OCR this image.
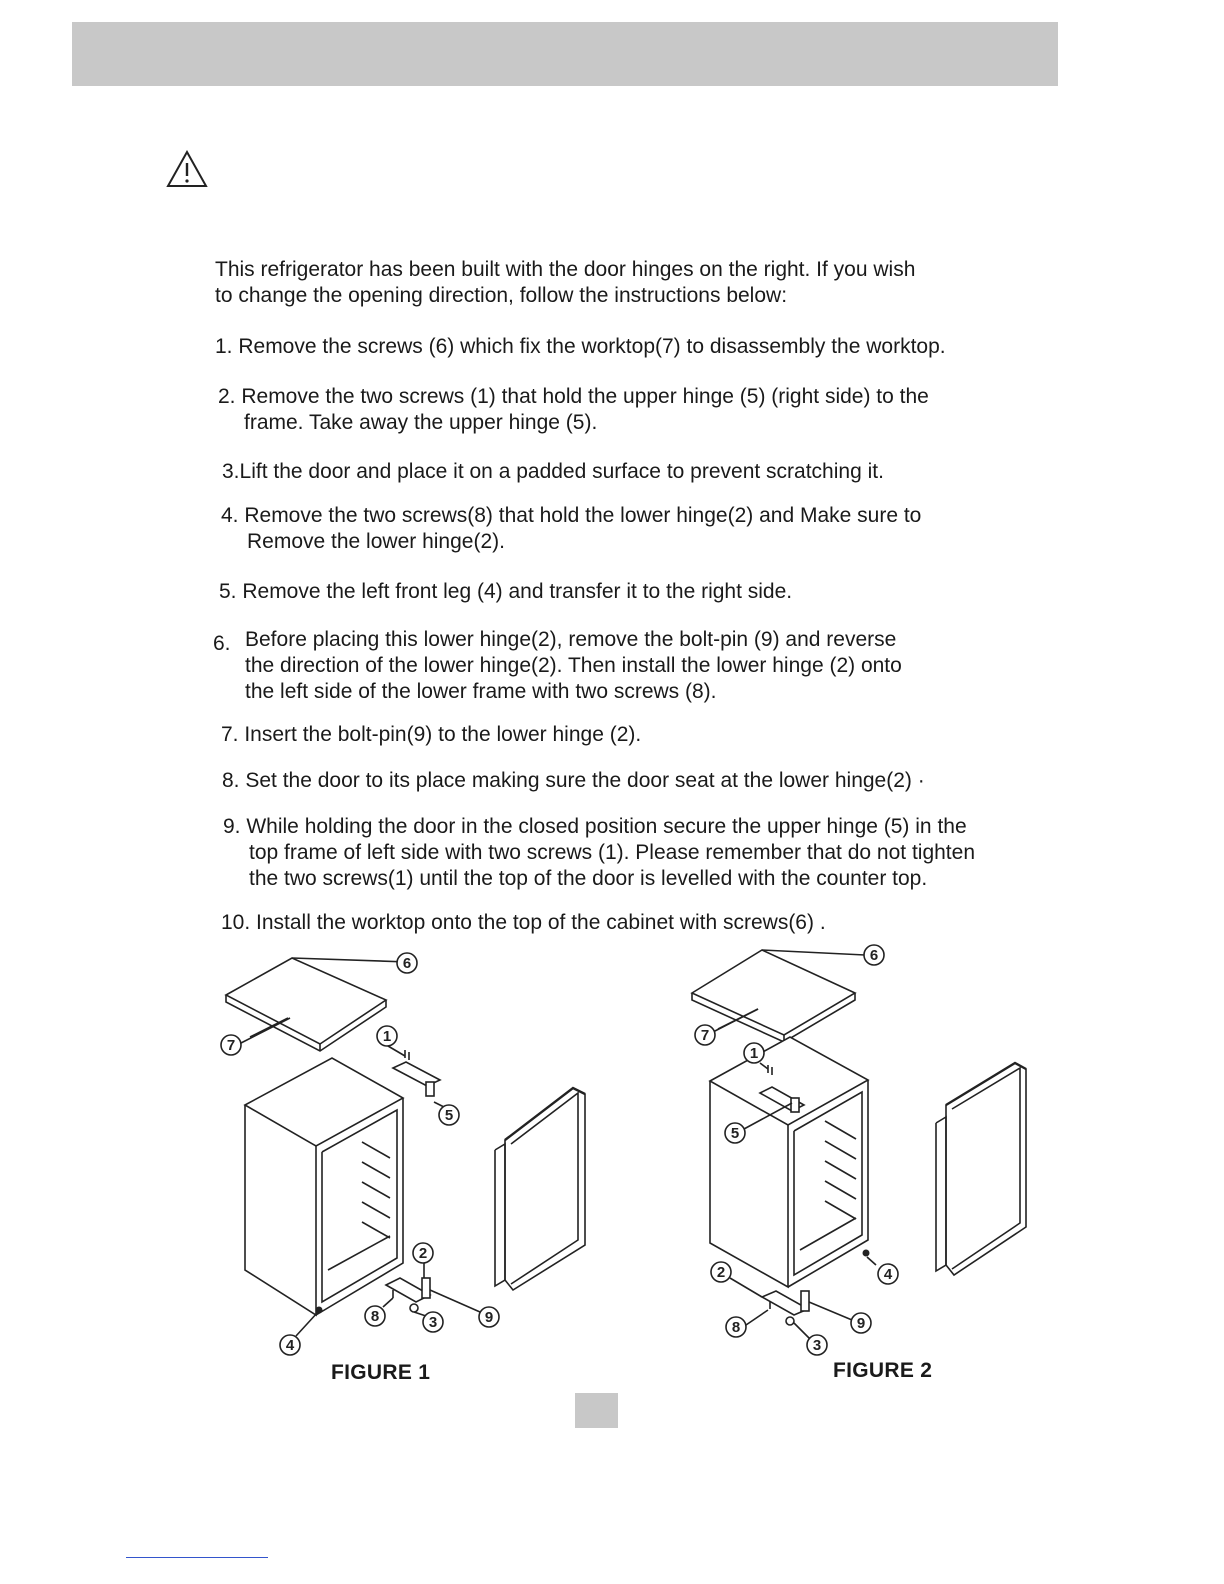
This refrigerator has been built with the door hinges on the right. If you wish
to change the opening direction, follow the instructions below:
1. Remove the screws (6) which fix the worktop(7) to disassembly the worktop.
2. Remove the two screws (1) that hold the upper hinge (5) (right side) to the
frame. Take away the upper hinge (5).
3.Lift the door and place it on a padded surface to prevent scratching it.
4. Remove the two screws(8) that hold the lower hinge(2) and Make sure to
Remove the lower hinge(2).
5. Remove the left front leg (4) and transfer it to the right side.
6. Before placing this lower hinge(2), remove the bolt-pin (9) and reverse
the direction of the lower hinge(2). Then install the lower hinge (2) onto
the left side of the lower frame with two screws (8).
7. Insert the bolt-pin(9) to the lower hinge (2).
8. Set the door to its place making sure the door seat at the lower hinge(2) ·
9. While holding the door in the closed position secure the upper hinge (5) in the
top frame of left side with two screws (1). Please remember that do not tighten
the two screws(1) until the top of the door is levelled with the counter top.
10. Install the worktop onto the top of the cabinet with screws(6) .
6
7
1
5
2
8	3	9
4
FIGURE 1
6
7
1
5
2	4
8	9
3
FIGURE 2
